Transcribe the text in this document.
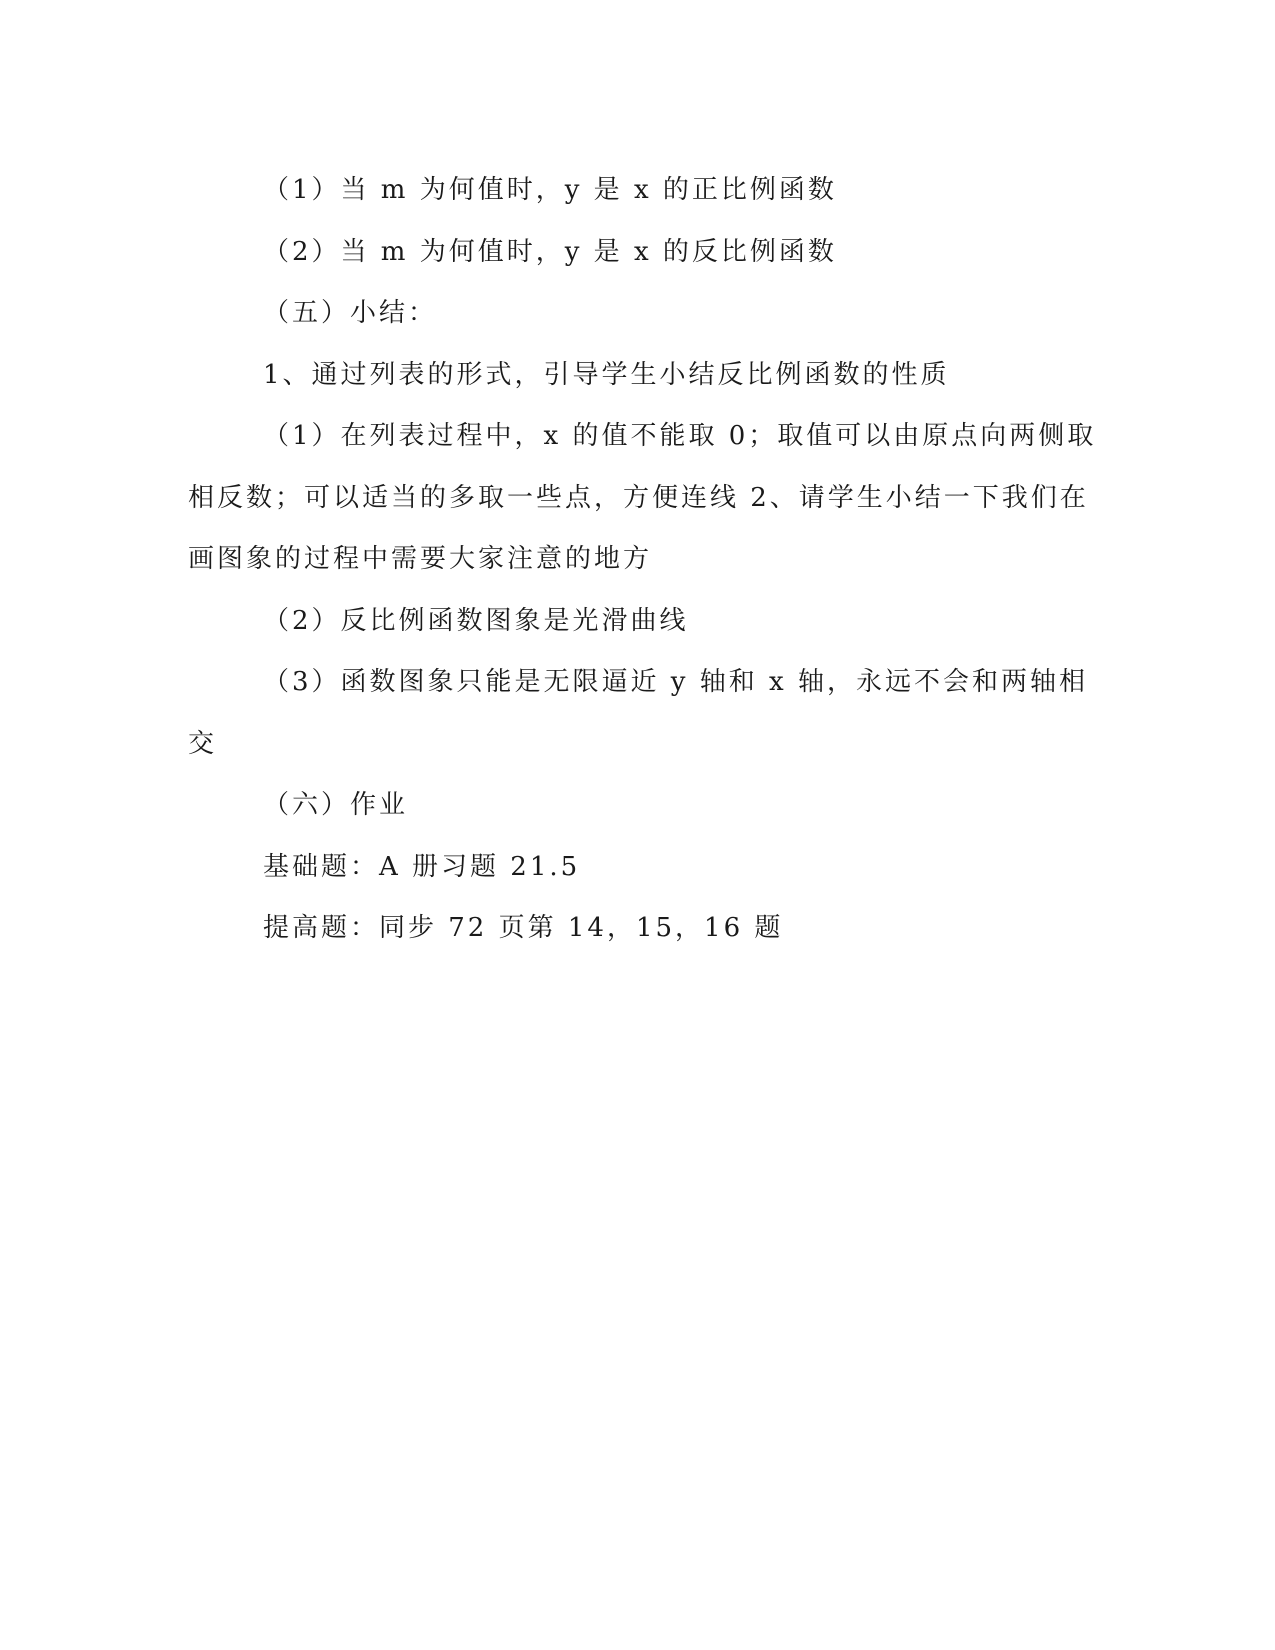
（1）当 m 为何值时，y 是 x 的正比例函数

（2）当 m 为何值时，y 是 x 的反比例函数

（五）小结：

1、通过列表的形式，引导学生小结反比例函数的性质

（1）在列表过程中，x 的值不能取 0；取值可以由原点向两侧取

相反数；可以适当的多取一些点，方便连线 2、请学生小结一下我们在

画图象的过程中需要大家注意的地方

（2）反比例函数图象是光滑曲线

（3）函数图象只能是无限逼近 y 轴和 x 轴，永远不会和两轴相

交

（六）作业

基础题：A 册习题 21.5

提高题：同步 72 页第 14，15，16 题
